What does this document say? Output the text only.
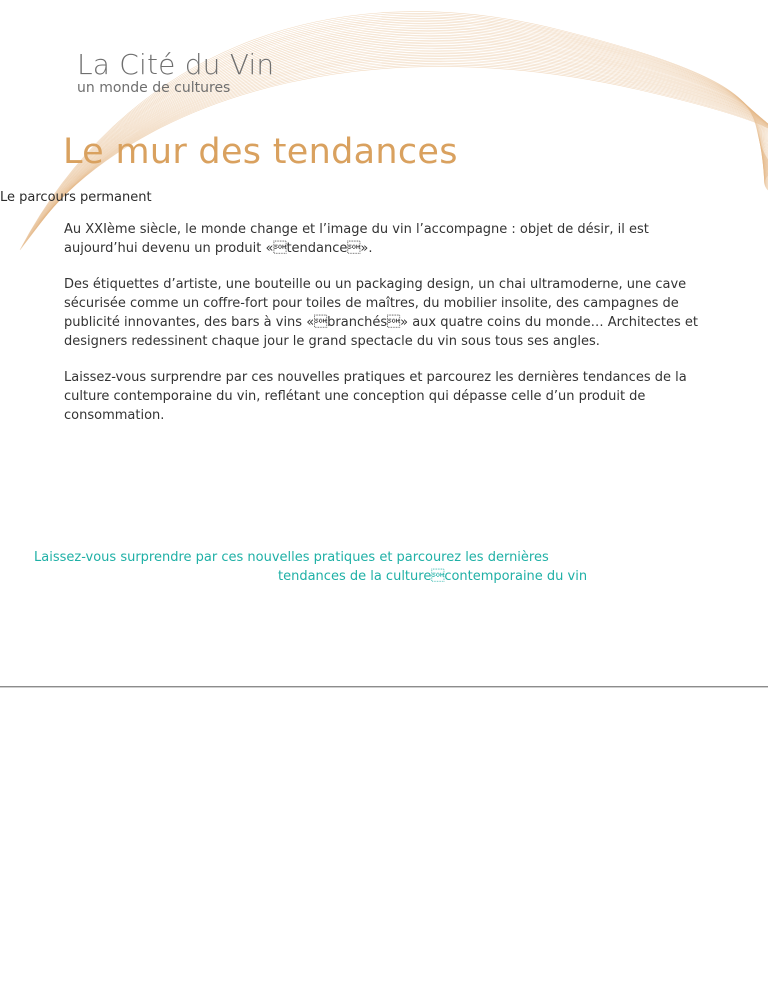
La Cité du Vin
un monde de cultures
Le mur des tendances
Le parcours permanent

Au XXIème siècle, le monde change et l’image du vin l’accompagne : objet de désir, il est aujourd’hui devenu un produit «tendance».

Des étiquettes d’artiste, une bouteille ou un packaging design, un chai ultramoderne, une cave sécurisée comme un coffre-fort pour toiles de maîtres, du mobilier insolite, des campagnes de publicité innovantes, des bars à vins «branchés» aux quatre coins du monde… Architectes et designers redessinent chaque jour le grand spectacle du vin sous tous ses angles.

Laissez-vous surprendre par ces nouvelles pratiques et parcourez les dernières tendances de la culture contemporaine du vin, reflétant une conception qui dépasse celle d’un produit de consommation.

Laissez-vous surprendre par ces nouvelles pratiques et parcourez les dernières
tendances de la culturecontemporaine du vin
